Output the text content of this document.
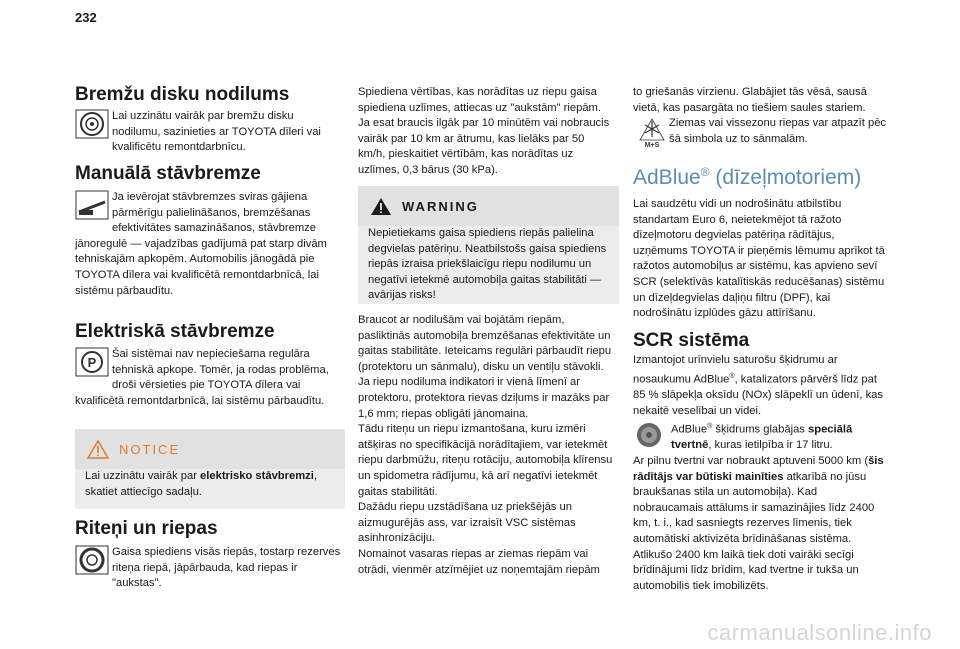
232
Bremžu disku nodilums
Lai uzzinātu vairāk par bremžu disku nodilumu, sazinieties ar TOYOTA dīleri vai kvalificētu remontdarbnīcu.
Manuālā stāvbremze
Ja ievērojat stāvbremzes sviras gājiena pārmērīgu palielināšanos, bremzēšanas efektivitātes samazināšanos, stāvbremze jānoregulē — vajadzības gadījumā pat starp divām tehniskajām apkopēm. Automobilis jānogādā pie TOYOTA dīlera vai kvalificētā remontdarbnīcā, lai sistēmu pārbaudītu.
Elektriskā stāvbremze
P
Šai sistēmai nav nepieciešama regulāra tehniskā apkope. Tomēr, ja rodas problēma, droši vērsieties pie TOYOTA dīlera vai kvalificētā remontdarbnīcā, lai sistēmu pārbaudītu.
NOTICE
Lai uzzinātu vairāk par elektrisko stāvbremzi, skatiet attiecīgo sadaļu.
Riteņi un riepas
Gaisa spiediens visās riepās, tostarp rezerves riteņa riepā, jāpārbauda, kad riepas ir "aukstas".
Spiediena vērtības, kas norādītas uz riepu gaisa spiediena uzlīmes, attiecas uz "aukstām" riepām. Ja esat braucis ilgāk par 10 minūtēm vai nobraucis vairāk par 10 km ar ātrumu, kas lielāks par 50 km/h, pieskaitiet vērtībām, kas norādītas uz uzlīmes, 0,3 bārus (30 kPa).
WARNING
Nepietiekams gaisa spiediens riepās palielina degvielas patēriņu. Neatbilstošs gaisa spiediens riepās izraisa priekšlaicīgu riepu nodilumu un negatīvi ietekmē automobiļa gaitas stabilitāti — avārijas risks!
Braucot ar nodilušām vai bojātām riepām, pasliktinās automobiļa bremzēšanas efektivitāte un gaitas stabilitāte. Ieteicams regulāri pārbaudīt riepu (protektoru un sānmalu), disku un ventiļu stāvokli.
Ja riepu nodiluma indikatori ir vienā līmenī ar protektoru, protektora rievas dziļums ir mazāks par 1,6 mm; riepas obligāti jānomaina.
Tādu riteņu un riepu izmantošana, kuru izmēri atšķiras no specifikācijā norādītajiem, var ietekmēt riepu darbmūžu, riteņu rotāciju, automobiļa klīrensu un spidometra rādījumu, kā arī negatīvi ietekmēt gaitas stabilitāti.
Dažādu riepu uzstādīšana uz priekšējās un aizmugurējās ass, var izraisīt VSC sistēmas asinhronizāciju.
Nomainot vasaras riepas ar ziemas riepām vai otrādi, vienmēr atzīmējiet uz noņemtajām riepām
to griešanās virzienu. Glabājiet tās vēsā, sausā vietā, kas pasargāta no tiešiem saules stariem.
M+S
Ziemas vai vissezonu riepas var atpazīt pēc šā simbola uz to sānmalām.
AdBlue® (dīzeļmotoriem)
Lai saudzētu vidi un nodrošinātu atbilstību standartam Euro 6, neietekmējot tā ražoto dīzeļmotoru degvielas patēriņa rādītājus, uzņēmums TOYOTA ir pieņēmis lēmumu aprīkot tā ražotos automobiļus ar sistēmu, kas apvieno sevī SCR (selektīvās katalītiskās reducēšanas) sistēmu un dīzeļdegvielas daļiņu filtru (DPF), kai nodrošinātu izplūdes gāzu attīrīšanu.
SCR sistēma
Izmantojot urīnvielu saturošu šķidrumu ar nosaukumu AdBlue®, katalizators pārvērš līdz pat 85 % slāpekļa oksīdu (NOx) slāpeklī un ūdenī, kas nekaitē veselībai un videi.
AdBlue® šķidrums glabājas speciālā tvertnē, kuras ietilpība ir 17 litru.
Ar pilnu tvertni var nobraukt aptuveni 5000 km (šis rādītājs var būtiski mainīties atkarībā no jūsu braukšanas stila un automobiļa). Kad nobraucamais attālums ir samazinājies līdz 2400 km, t. i., kad sasniegts rezerves līmenis, tiek automātiski aktivizēta brīdināšanas sistēma. Atlikušo 2400 km laikā tiek doti vairāki secīgi brīdinājumi līdz brīdim, kad tvertne ir tukša un automobilis tiek imobilizēts.
carmanualsonline.info
